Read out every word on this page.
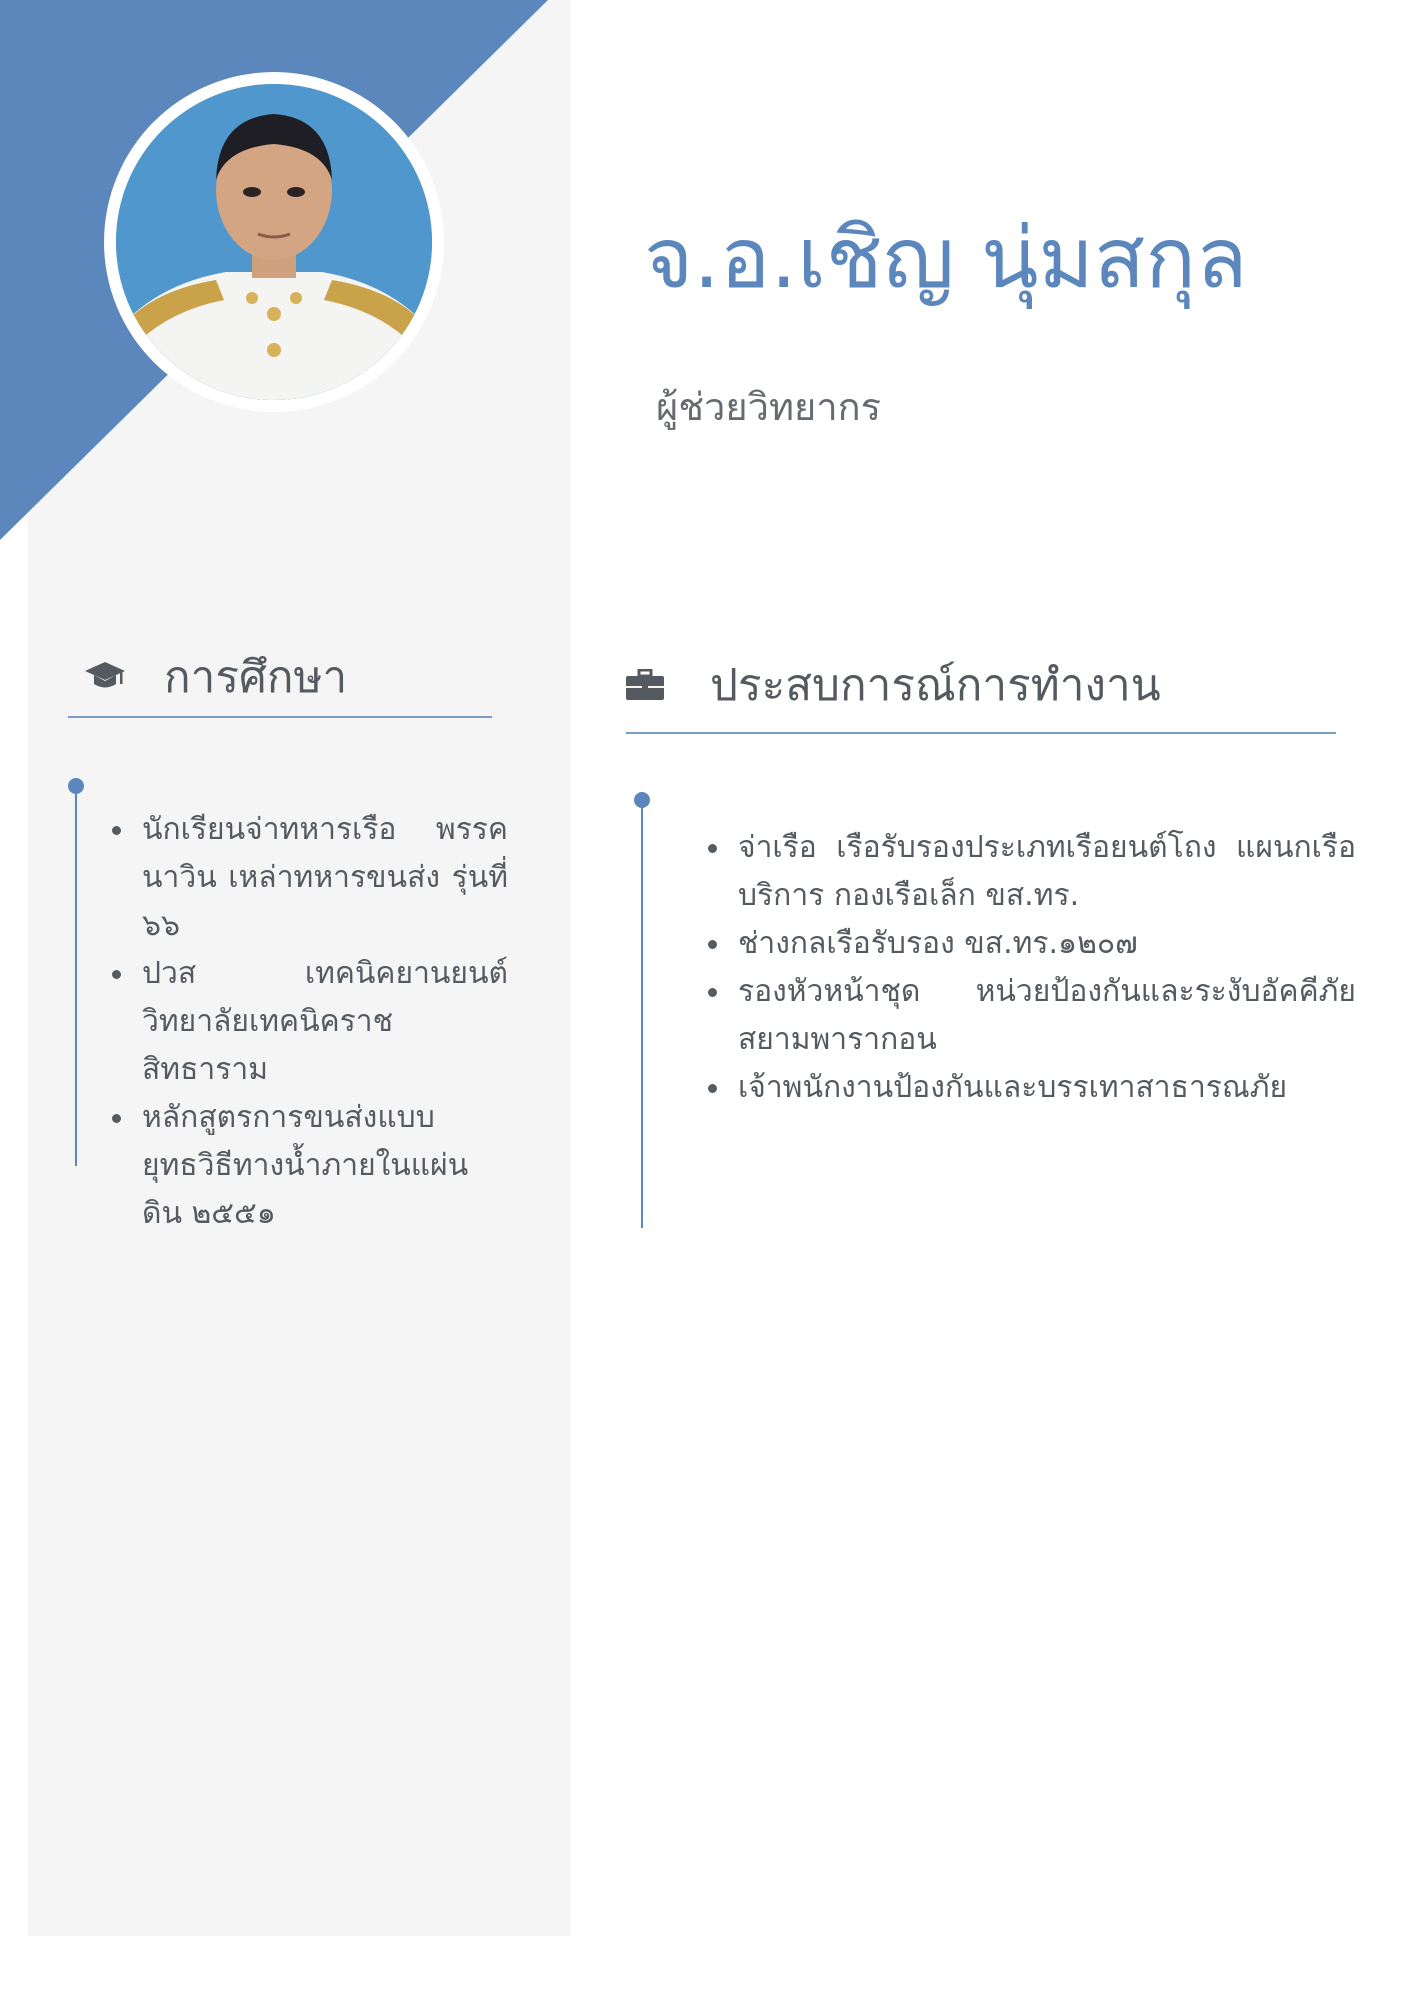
จ.อ.เชิญ นุ่มสกุล

ผู้ช่วยวิทยากร

การศึกษา
นักเรียนจ่าทหารเรือ พรรคนาวิน เหล่าทหารขนส่ง รุ่นที่ ๖๖
ปวส เทคนิคยานยนต์ วิทยาลัยเทคนิคราชสิทธาราม
หลักสูตรการขนส่งแบบยุทธวิธีทางน้ำภายในแผ่นดิน ๒๕๕๑
ประสบการณ์การทำงาน
จ่าเรือ เรือรับรองประเภทเรือยนต์โถง แผนกเรือบริการ กองเรือเล็ก ขส.ทร.
ช่างกลเรือรับรอง ขส.ทร.๑๒๐๗
รองหัวหน้าชุด หน่วยป้องกันและระงับอัคคีภัยสยามพารากอน
เจ้าพนักงานป้องกันและบรรเทาสาธารณภัย
